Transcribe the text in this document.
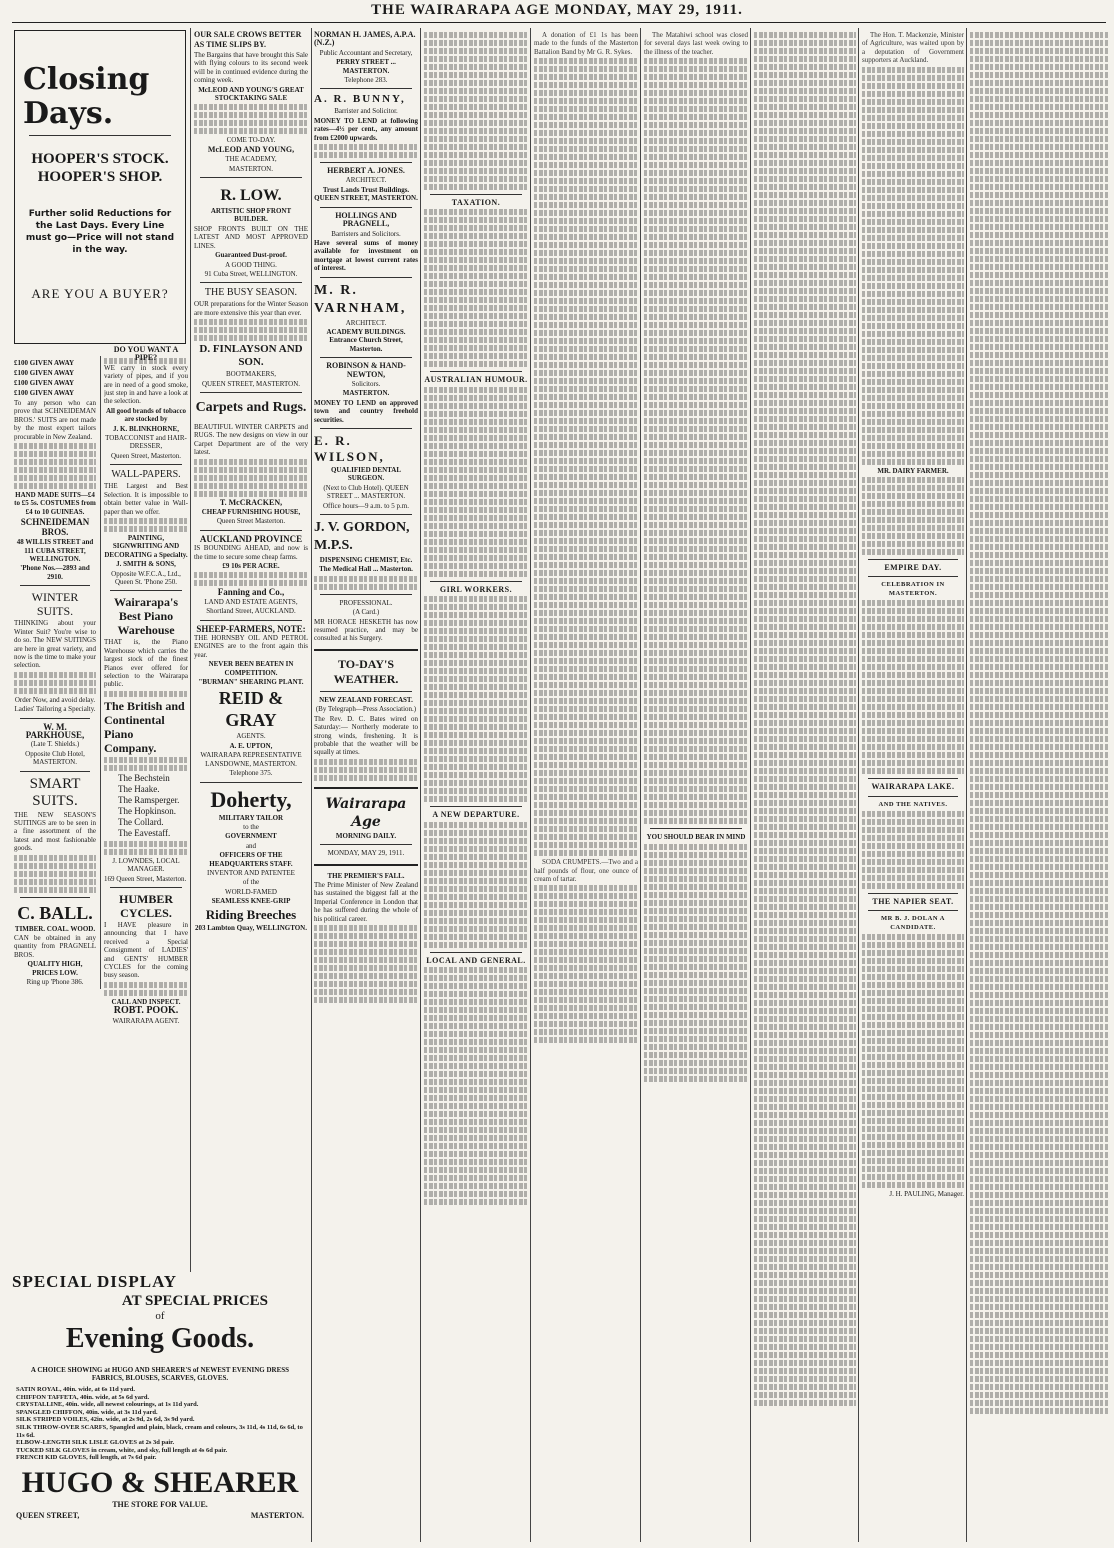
THE WAIRARAPA AGE MONDAY, MAY 29, 1911.
Closing Days.
HOOPER'S STOCK.
HOOPER'S SHOP.
Further solid Reductions for the Last Days. Every Line must go—Price will not stand in the way.
ARE YOU A BUYER?
£100 GIVEN AWAY
£100 GIVEN AWAY
£100 GIVEN AWAY
£100 GIVEN AWAY

To any person who can prove that SCHNEIDEMAN BROS.' SUITS are not made by the most expert tailors procurable in New Zealand.

HAND MADE SUITS—£4 to £5 5s. COSTUMES from £4 to 10 GUINEAS.

SCHNEIDEMAN BROS.

48 WILLIS STREET and 111 CUBA STREET, WELLINGTON.

'Phone Nos.—2893 and 2910.

WINTER SUITS.

THINKING about your Winter Suit? You're wise to do so. The NEW SUITINGS are here in great variety, and now is the time to make your selection.

Order Now, and avoid delay.

Ladies' Tailoring a Specialty.

W. M. PARKHOUSE,

(Late T. Shields.)

Opposite Club Hotel, MASTERTON.

SMART SUITS.

THE NEW SEASON'S SUITINGS are to be seen in a fine assortment of the latest and most fashionable goods.

C. BALL.

TIMBER. COAL. WOOD.

CAN be obtained in any quantity from PRAGNELL BROS.

QUALITY HIGH, PRICES LOW.

Ring up 'Phone 386.

DO YOU WANT A PIPE?

WE carry in stock every variety of pipes, and if you are in need of a good smoke, just step in and have a look at the selection.

All good brands of tobacco are stocked by

J. K. BLINKHORNE,

TOBACCONIST and HAIR-DRESSER,

Queen Street, Masterton.

WALL-PAPERS.

THE Largest and Best Selection. It is impossible to obtain better value in Wall-paper than we offer.

PAINTING, SIGNWRITING AND DECORATING a Specialty.

J. SMITH & SONS,

Opposite W.F.C.A., Ltd., Queen St. 'Phone 250.

Wairarapa's Best Piano Warehouse

THAT is, the Piano Warehouse which carries the largest stock of the finest Pianos ever offered for selection to the Wairarapa public.

The British and Continental Piano Company.
The Bechstein
The Haake.
The Ramsperger.
The Hopkinson.
The Collard.
The Eavestaff.

J. LOWNDES, LOCAL MANAGER.

169 Queen Street, Masterton.

HUMBER CYCLES.

I HAVE pleasure in announcing that I have received a Special Consignment of LADIES' and GENTS' HUMBER CYCLES for the coming busy season.

CALL AND INSPECT.

ROBT. POOK.

WAIRARAPA AGENT.

OUR SALE CROWS BETTER AS TIME SLIPS BY.

The Bargains that have brought this Sale with flying colours to its second week will be in continued evidence during the coming week.

McLEOD AND YOUNG'S GREAT STOCKTAKING SALE

COME TO-DAY.

McLEOD AND YOUNG,

THE ACADEMY,

MASTERTON.

R. LOW.

ARTISTIC SHOP FRONT BUILDER.

SHOP FRONTS BUILT ON THE LATEST AND MOST APPROVED LINES.

Guaranteed Dust-proof.

A GOOD THING.

91 Cuba Street, WELLINGTON.

THE BUSY SEASON.

OUR preparations for the Winter Season are more extensive this year than ever.

D. FINLAYSON AND SON.

BOOTMAKERS,

QUEEN STREET, MASTERTON.

Carpets and Rugs.

BEAUTIFUL WINTER CARPETS and RUGS. The new designs on view in our Carpet Department are of the very latest.

T. McCRACKEN,

CHEAP FURNISHING HOUSE,

Queen Street Masterton.

AUCKLAND PROVINCE

IS BOUNDING AHEAD, and now is the time to secure some cheap farms.

£9 10s PER ACRE.

Fanning and Co.,

LAND AND ESTATE AGENTS,

Shortland Street, AUCKLAND.

SHEEP-FARMERS, NOTE:

THE HORNSBY OIL AND PETROL ENGINES are to the front again this year.

NEVER BEEN BEATEN IN COMPETITION.

"BURMAN" SHEARING PLANT.

REID & GRAY

AGENTS.

A. E. UPTON,

WAIRARAPA REPRESENTATIVE LANSDOWNE, MASTERTON.

Telephone 375.

Doherty,

MILITARY TAILOR

to the

GOVERNMENT

and

OFFICERS OF THE HEADQUARTERS STAFF.

INVENTOR AND PATENTEE

of the

WORLD-FAMED

SEAMLESS KNEE-GRIP

Riding Breeches

203 Lambton Quay, WELLINGTON.

NORMAN H. JAMES, A.P.A. (N.Z.)

Public Accountant and Secretary,

PERRY STREET ... MASTERTON.

Telephone 283.

A. R. BUNNY,

Barrister and Solicitor.

MONEY TO LEND at following rates—4½ per cent., any amount from £2000 upwards.

HERBERT A. JONES.

ARCHITECT.

Trust Lands Trust Buildings. QUEEN STREET, MASTERTON.

HOLLINGS AND PRAGNELL,

Barristers and Solicitors.

Have several sums of money available for investment on mortgage at lowest current rates of interest.

M. R. VARNHAM,

ARCHITECT.

ACADEMY BUILDINGS. Entrance Church Street, Masterton.

ROBINSON & HAND-NEWTON,

Solicitors.

MASTERTON.

MONEY TO LEND on approved town and country freehold securities.

E. R. WILSON,

QUALIFIED DENTAL SURGEON.

(Next to Club Hotel). QUEEN STREET ... MASTERTON.

Office hours—9 a.m. to 5 p.m.

J. V. GORDON, M.P.S.

DISPENSING CHEMIST, Etc.

The Medical Hall ... Masterton.

PROFESSIONAL.

(A Card.)

MR HORACE HESKETH has now resumed practice, and may be consulted at his Surgery.

TO-DAY'S WEATHER.

NEW ZEALAND FORECAST.

(By Telegraph—Press Association.)

The Rev. D. C. Bates wired on Saturday:— Northerly moderate to strong winds, freshening. It is probable that the weather will be squally at times.

Wairarapa Age

MORNING DAILY.

MONDAY, MAY 29, 1911.

THE PREMIER'S FALL.

The Prime Minister of New Zealand has sustained the biggest fall at the Imperial Conference in London that he has suffered during the whole of his political career.

TAXATION.
AUSTRALIAN HUMOUR.
GIRL WORKERS.
A NEW DEPARTURE.
LOCAL AND GENERAL.

A donation of £1 1s has been made to the funds of the Masterton Battalion Band by Mr G. R. Sykes.

SODA CRUMPETS.—Two and a half pounds of flour, one ounce of cream of tartar.

The Matahiwi school was closed for several days last week owing to the illness of the teacher.

YOU SHOULD BEAR IN MIND

The Hon. T. Mackenzie, Minister of Agriculture, was waited upon by a deputation of Government supporters at Auckland.

MR. DAIRY FARMER.

EMPIRE DAY.
CELEBRATION IN MASTERTON.
WAIRARAPA LAKE.
AND THE NATIVES.
THE NAPIER SEAT.
MR B. J. DOLAN A CANDIDATE.

J. H. PAULING, Manager.

SPECIAL DISPLAY
AT SPECIAL PRICES
of
Evening Goods.
A CHOICE SHOWING at HUGO AND SHEARER'S of NEWEST EVENING DRESS FABRICS, BLOUSES, SCARVES, GLOVES.
SATIN ROYAL, 40in. wide, at 6s 11d yard.
CHIFFON TAFFETA, 40in. wide, at 5s 6d yard.
CRYSTALLINE, 40in. wide, all newest colourings, at 1s 11d yard.
SPANGLED CHIFFON, 40in. wide, at 3s 11d yard.
SILK STRIPED VOILES, 42in. wide, at 2s 9d, 2s 6d, 3s 9d yard.
SILK THROW-OVER SCARFS, Spangled and plain, black, cream and colours, 3s 11d, 4s 11d, 6s 6d, to 11s 6d.
ELBOW-LENGTH SILK LISLE GLOVES at 2s 3d pair.
TUCKED SILK GLOVES in cream, white, and sky, full length at 4s 6d pair.
FRENCH KID GLOVES, full length, at 7s 6d pair.
HUGO & SHEARER
THE STORE FOR VALUE.
QUEEN STREET,	MASTERTON.
